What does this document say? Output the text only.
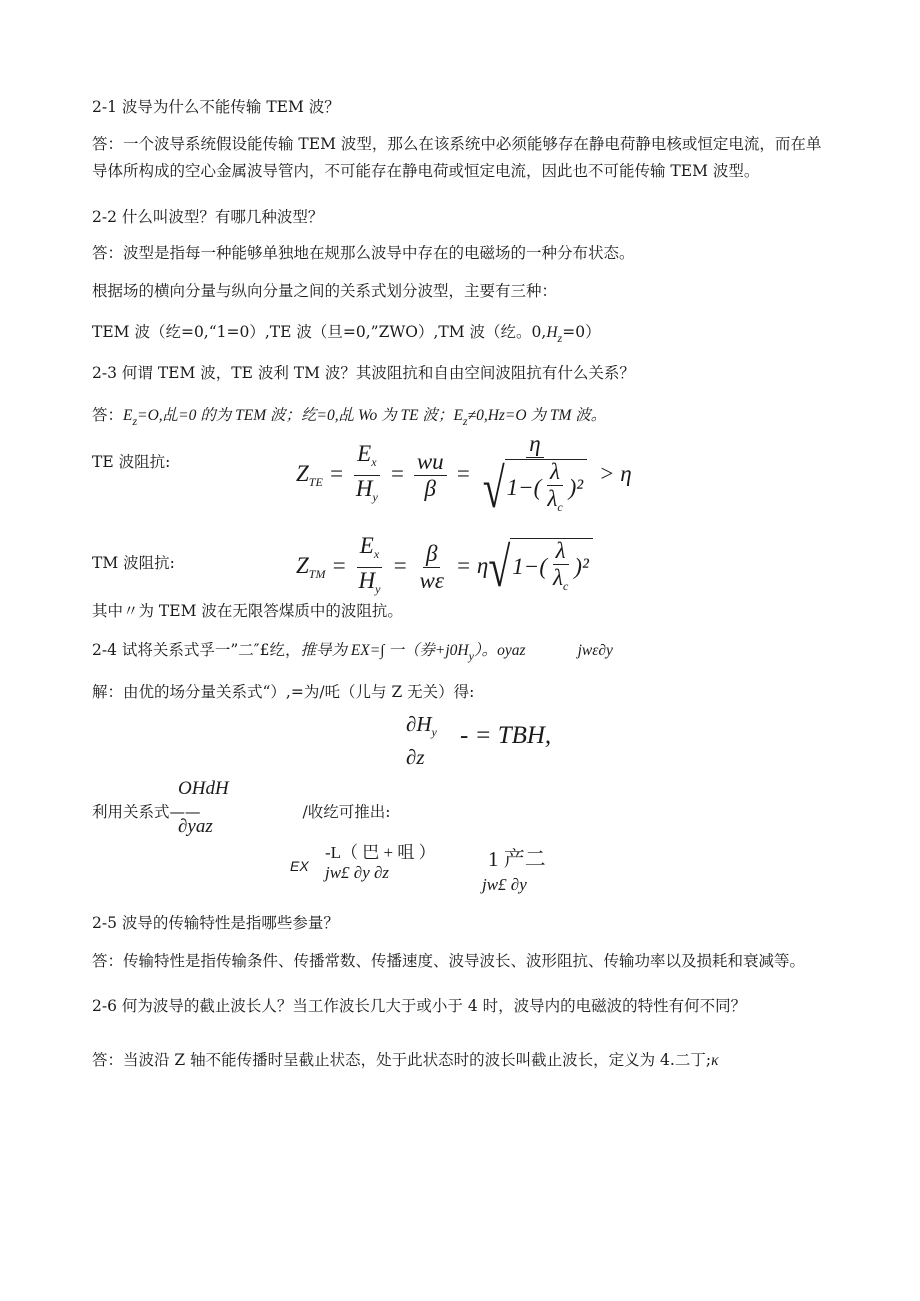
2-1 波导为什么不能传输 TEM 波？
答：一个波导系统假设能传输 TEM 波型，那么在该系统中必须能够存在静电荷静电核或恒定电流，而在单导体所构成的空心金属波导管内，不可能存在静电荷或恒定电流，因此也不可能传输 TEM 波型。
2-2 什么叫波型？有哪几种波型？
答：波型是指每一种能够单独地在规那么波导中存在的电磁场的一种分布状态。
根据场的横向分量与纵向分量之间的关系式划分波型，主要有三种：
TEM 波（纥=0,“1=0）,TE 波（旦=0,”ZWO）,TM 波（纥。$0,H_z=0$）
2-3 何谓 TEM 波，TE 波利 TM 波？其波阻抗和自由空间波阻抗有什么关系？
答：$E_z=O$,乩=0 的为 TEM 波；纥=0,乩 Wo 为 TE 波；$E_z\ne 0,Hz=O$ 为 TM 波。
TE 波阻抗:	$Z_{TE} = \frac{E_x}{H_y} = \frac{wu}{\beta} = \frac{\eta}{√1-( \frac{\lambda}{\lambda_c} )^2} > \eta$
TM 波阻抗:	$Z_{TM} = \frac{E_x}{H_y} = \frac{\beta}{w\varepsilon} = \eta√1-( \frac{\lambda}{\lambda_c} )^2$
其中〃为 TEM 波在无限答煤质中的波阻抗。
2-4 试将关系式孚一”二″£纥，推导为 EX=∫ 一（券$+j0H_y$）。oyaz	jwε∂y
解：由优的场分量关系式“）,=为/吒（儿与 Z 无关）得:
$\partial H_y$ - = TBH,
∂z
OHdH
∂yaz
利用关系式——	/收纥可推出:
EX
-L（ 巴 + 咀 ）
jw£ ∂y ∂z
1 产二
jw£ ∂y
2-5 波导的传输特性是指哪些参量？
答：传输特性是指传输条件、传播常数、传播速度、波导波长、波形阻抗、传输功率以及损耗和衰减等。
2-6 何为波导的截止波长人？当工作波长几大于或小于 4 时，波导内的电磁波的特性有何不同？
答：当波沿 Z 轴不能传播时呈截止状态，处于此状态时的波长叫截止波长，定义为 4.二丁;κ
